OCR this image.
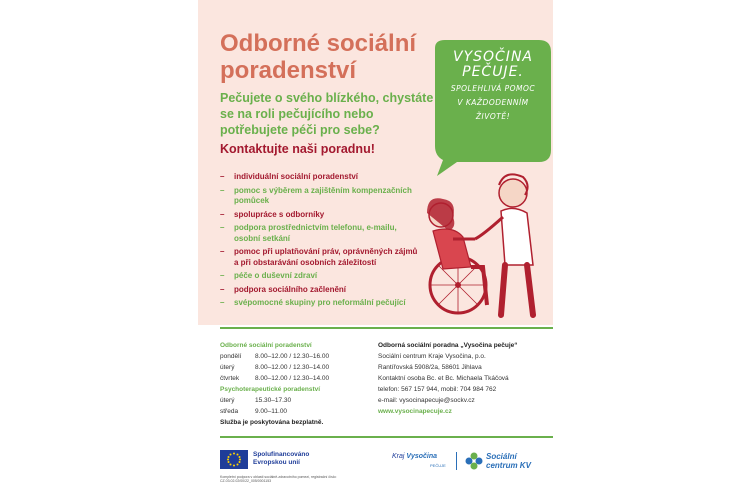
Odborné sociální poradenství
Pečujete o svého blízkého, chystáte se na roli pečujícího nebo potřebujete péči pro sebe?
Kontaktujte naši poradnu!
– individuální sociální poradenství
– pomoc s výběrem a zajištěním kompenzačních pomůcek
– spolupráce s odborníky
– podpora prostřednictvím telefonu, e-mailu, osobní setkání
– pomoc při uplatňování práv, oprávněných zájmů a při obstarávání osobních záležitostí
– péče o duševní zdraví
– podpora sociálního začlenění
– svépomocné skupiny pro neformální pečující
VYSOČINA
PEČUJE.
SPOLEHLIVÁ POMOC
V KAŽDODENNÍM
ŽIVOTĚ!
Odborné sociální poradenství
pondělí	8.00–12.00 / 12.30–16.00
úterý	8.00–12.00 / 12.30–14.00
čtvrtek	8.00–12.00 / 12.30–14.00
Psychoterapeutické poradenství
úterý	15.30–17.30
středa	9.00–11.00
Služba je poskytována bezplatně.
Odborná sociální poradna „Vysočina pečuje“
Sociální centrum Kraje Vysočina, p.o.
Rantířovská 5908/2a, 58601 Jihlava
Kontaktní osoba Bc. et Bc. Michaela Tkáčová
telefon: 567 157 944, mobil: 704 984 762
e-mail: vysocinapecuje@sockv.cz
www.vysocinapecuje.cz
Spolufinancováno
Evropskou unií
Kompletní podpora v oblasti sociálně-zdravotního pomezí, registrační číslo: CZ.03.02.02/00/22_005/0001153
Kraj Vysočina
PEČUJE
Sociální
centrum KV
